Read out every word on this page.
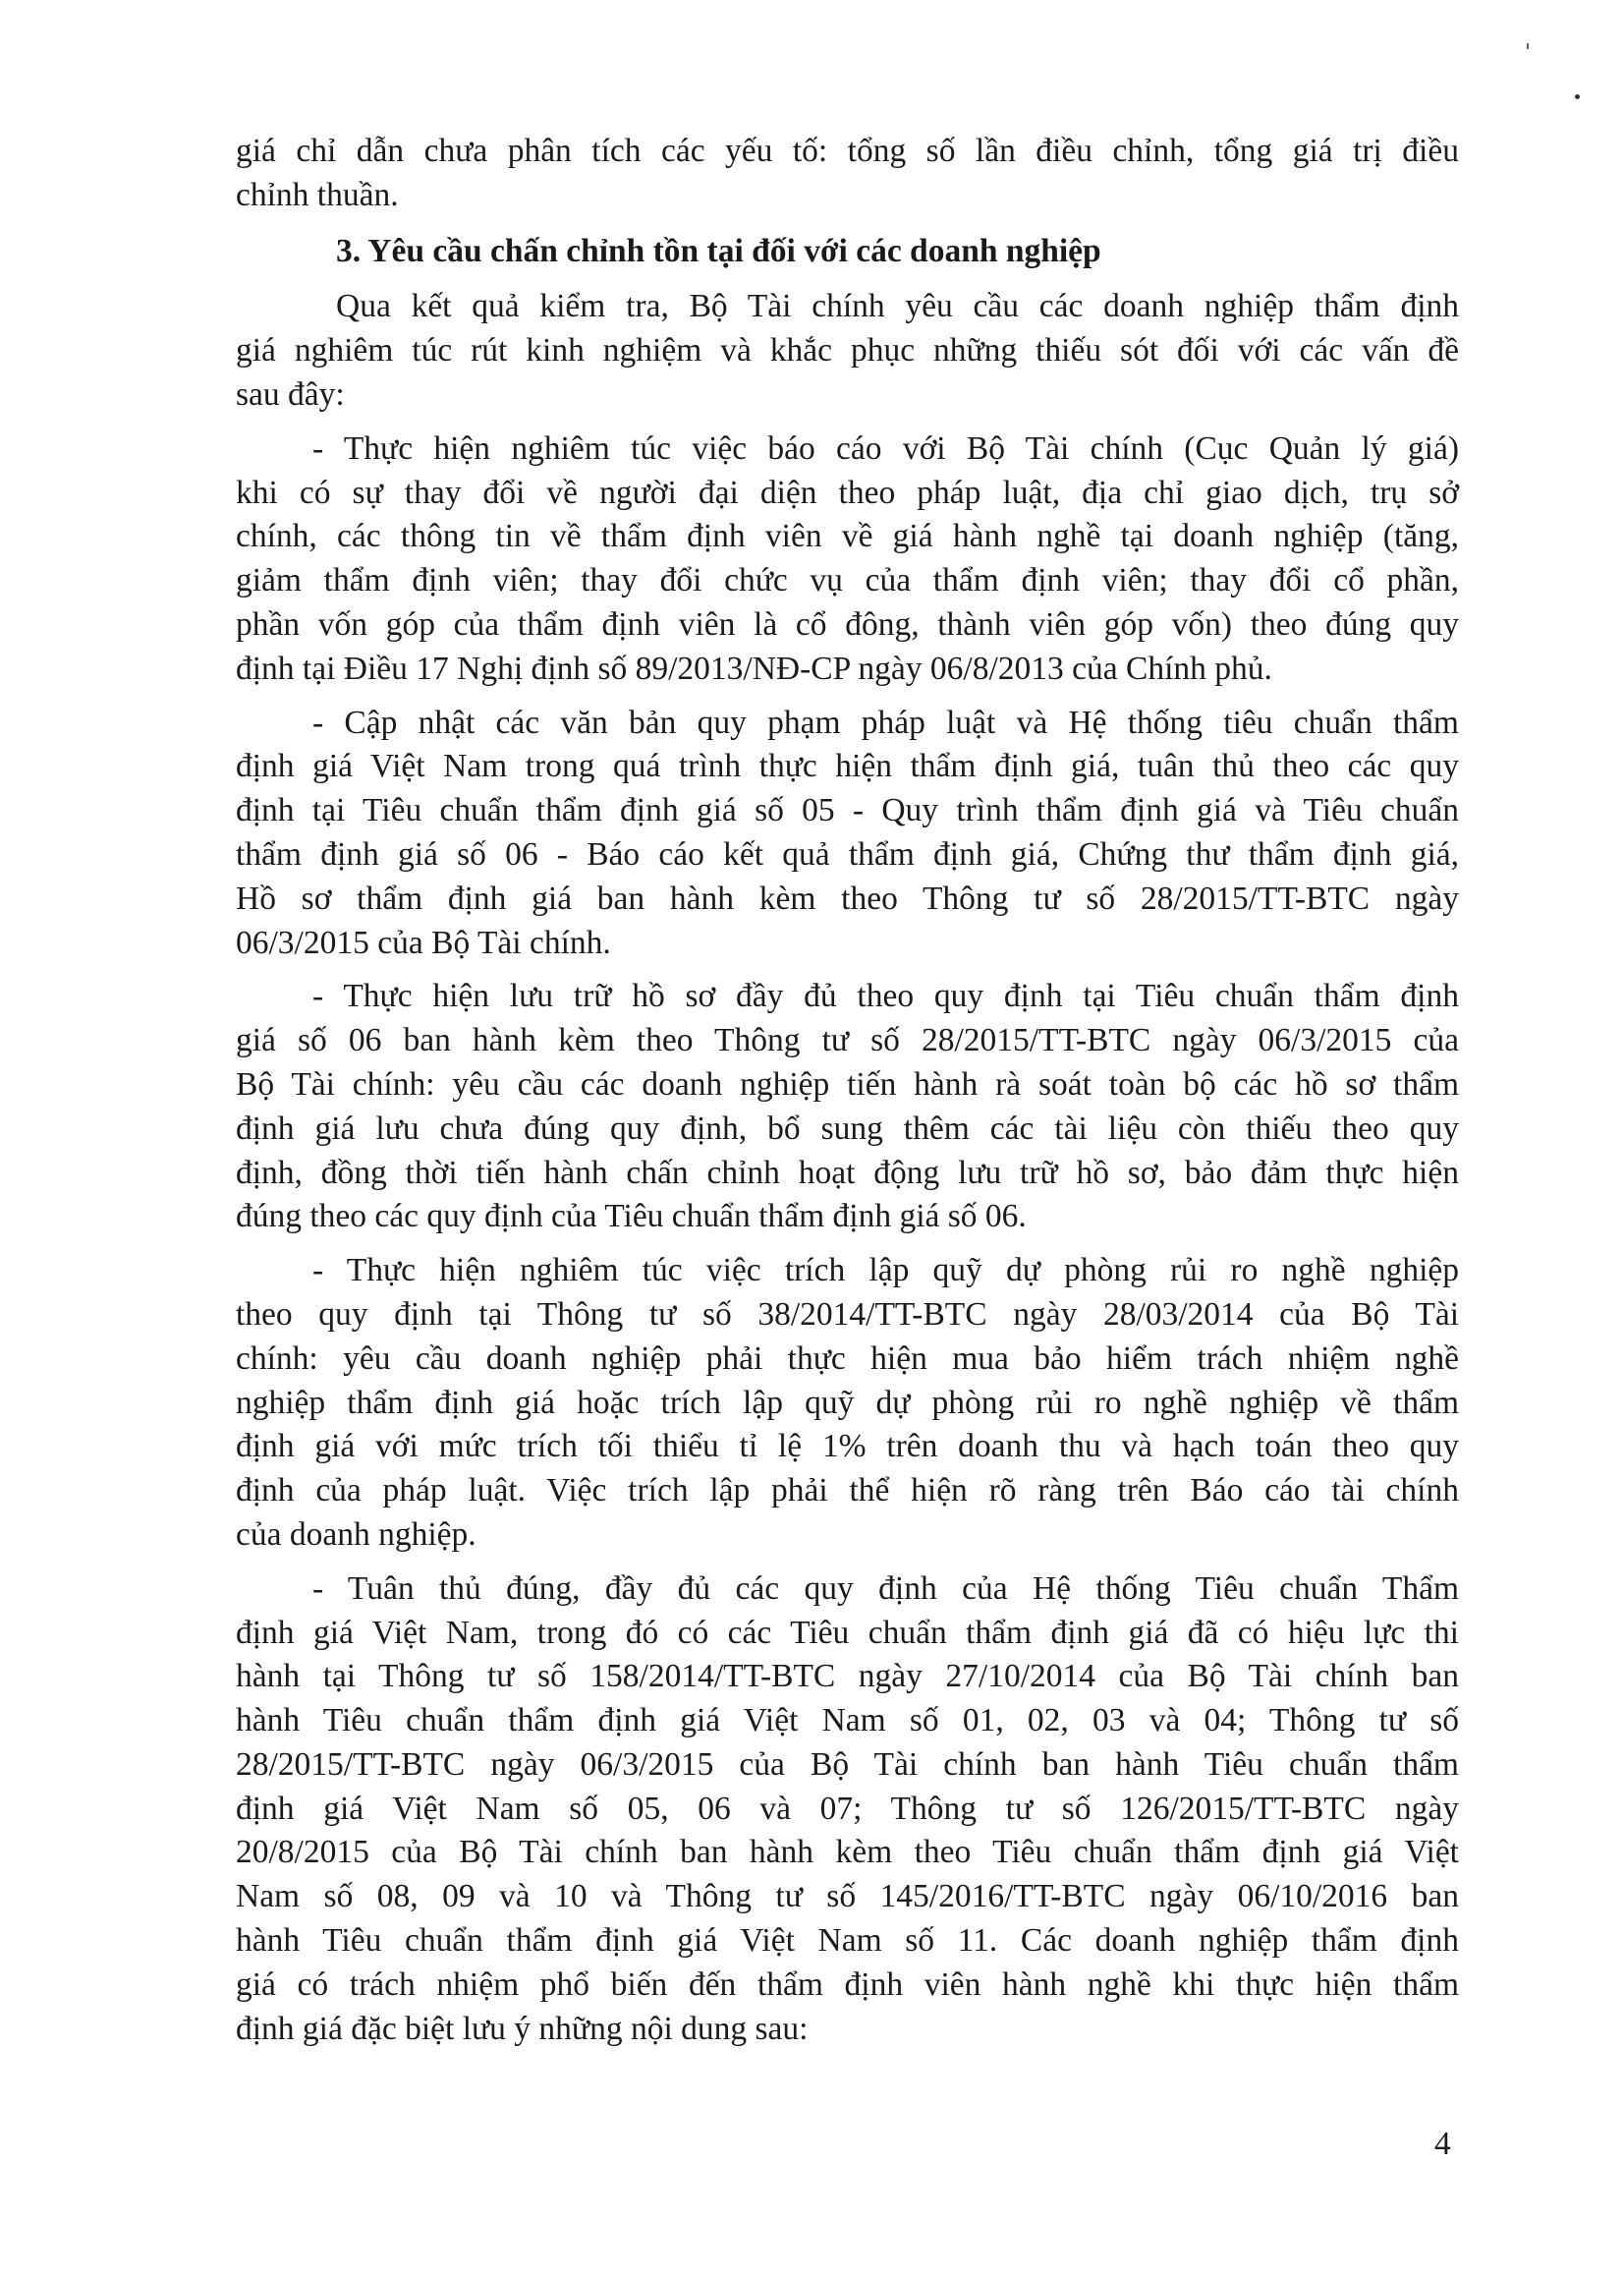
giá chỉ dẫn chưa phân tích các yếu tố: tổng số lần điều chỉnh, tổng giá trị điều
chỉnh thuần.
3. Yêu cầu chấn chỉnh tồn tại đối với các doanh nghiệp
Qua kết quả kiểm tra, Bộ Tài chính yêu cầu các doanh nghiệp thẩm định
giá nghiêm túc rút kinh nghiệm và khắc phục những thiếu sót đối với các vấn đề
sau đây:
- Thực hiện nghiêm túc việc báo cáo với Bộ Tài chính (Cục Quản lý giá)
khi có sự thay đổi về người đại diện theo pháp luật, địa chỉ giao dịch, trụ sở
chính, các thông tin về thẩm định viên về giá hành nghề tại doanh nghiệp (tăng,
giảm thẩm định viên; thay đổi chức vụ của thẩm định viên; thay đổi cổ phần,
phần vốn góp của thẩm định viên là cổ đông, thành viên góp vốn) theo đúng quy
định tại Điều 17 Nghị định số 89/2013/NĐ-CP ngày 06/8/2013 của Chính phủ.
- Cập nhật các văn bản quy phạm pháp luật và Hệ thống tiêu chuẩn thẩm
định giá Việt Nam trong quá trình thực hiện thẩm định giá, tuân thủ theo các quy
định tại Tiêu chuẩn thẩm định giá số 05 - Quy trình thẩm định giá và Tiêu chuẩn
thẩm định giá số 06 - Báo cáo kết quả thẩm định giá, Chứng thư thẩm định giá,
Hồ sơ thẩm định giá ban hành kèm theo Thông tư số 28/2015/TT-BTC ngày
06/3/2015 của Bộ Tài chính.
- Thực hiện lưu trữ hồ sơ đầy đủ theo quy định tại Tiêu chuẩn thẩm định
giá số 06 ban hành kèm theo Thông tư số 28/2015/TT-BTC ngày 06/3/2015 của
Bộ Tài chính: yêu cầu các doanh nghiệp tiến hành rà soát toàn bộ các hồ sơ thẩm
định giá lưu chưa đúng quy định, bổ sung thêm các tài liệu còn thiếu theo quy
định, đồng thời tiến hành chấn chỉnh hoạt động lưu trữ hồ sơ, bảo đảm thực hiện
đúng theo các quy định của Tiêu chuẩn thẩm định giá số 06.
- Thực hiện nghiêm túc việc trích lập quỹ dự phòng rủi ro nghề nghiệp
theo quy định tại Thông tư số 38/2014/TT-BTC ngày 28/03/2014 của Bộ Tài
chính: yêu cầu doanh nghiệp phải thực hiện mua bảo hiểm trách nhiệm nghề
nghiệp thẩm định giá hoặc trích lập quỹ dự phòng rủi ro nghề nghiệp về thẩm
định giá với mức trích tối thiểu tỉ lệ 1% trên doanh thu và hạch toán theo quy
định của pháp luật. Việc trích lập phải thể hiện rõ ràng trên Báo cáo tài chính
của doanh nghiệp.
- Tuân thủ đúng, đầy đủ các quy định của Hệ thống Tiêu chuẩn Thẩm
định giá Việt Nam, trong đó có các Tiêu chuẩn thẩm định giá đã có hiệu lực thi
hành tại Thông tư số 158/2014/TT-BTC ngày 27/10/2014 của Bộ Tài chính ban
hành Tiêu chuẩn thẩm định giá Việt Nam số 01, 02, 03 và 04; Thông tư số
28/2015/TT-BTC ngày 06/3/2015 của Bộ Tài chính ban hành Tiêu chuẩn thẩm
định giá Việt Nam số 05, 06 và 07; Thông tư số 126/2015/TT-BTC ngày
20/8/2015 của Bộ Tài chính ban hành kèm theo Tiêu chuẩn thẩm định giá Việt
Nam số 08, 09 và 10 và Thông tư số 145/2016/TT-BTC ngày 06/10/2016 ban
hành Tiêu chuẩn thẩm định giá Việt Nam số 11. Các doanh nghiệp thẩm định
giá có trách nhiệm phổ biến đến thẩm định viên hành nghề khi thực hiện thẩm
định giá đặc biệt lưu ý những nội dung sau:
4
